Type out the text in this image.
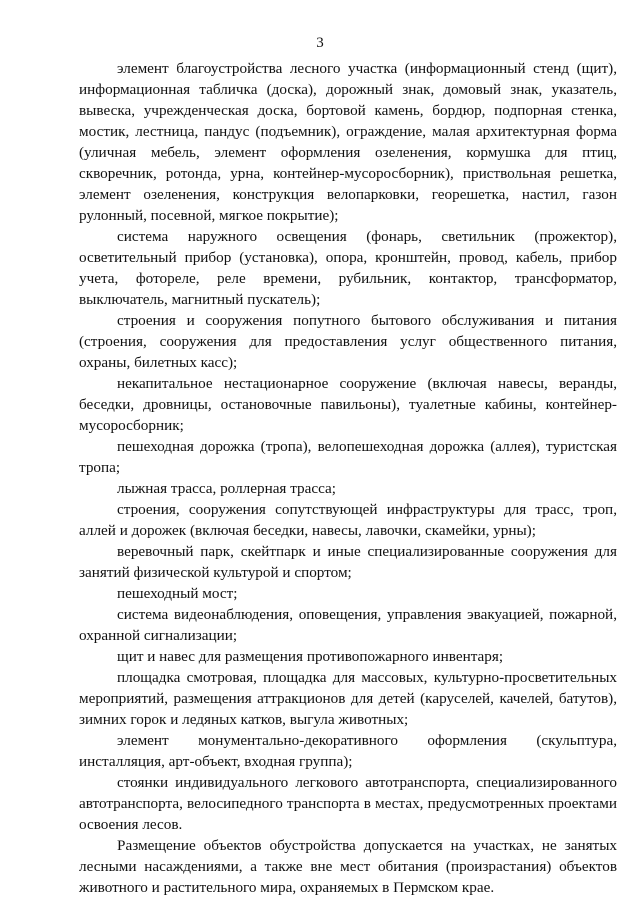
3

элемент благоустройства лесного участка (информационный стенд (щит), информационная табличка (доска), дорожный знак, домовый знак, указатель, вывеска, учрежденческая доска, бортовой камень, бордюр, подпорная стенка, мостик, лестница, пандус (подъемник), ограждение, малая архитектурная форма (уличная мебель, элемент оформления озеленения, кормушка для птиц, скворечник, ротонда, урна, контейнер-мусоросборник), приствольная решетка, элемент озеленения, конструкция велопарковки, георешетка, настил, газон рулонный, посевной, мягкое покрытие);

система наружного освещения (фонарь, светильник (прожектор), осветительный прибор (установка), опора, кронштейн, провод, кабель, прибор учета, фотореле, реле времени, рубильник, контактор, трансформатор, выключатель, магнитный пускатель);

строения и сооружения попутного бытового обслуживания и питания (строения, сооружения для предоставления услуг общественного питания, охраны, билетных касс);

некапитальное нестационарное сооружение (включая навесы, веранды, беседки, дровницы, остановочные павильоны), туалетные кабины, контейнер-мусоросборник;

пешеходная дорожка (тропа), велопешеходная дорожка (аллея), туристская тропа;

лыжная трасса, роллерная трасса;

строения, сооружения сопутствующей инфраструктуры для трасс, троп, аллей и дорожек (включая беседки, навесы, лавочки, скамейки, урны);

веревочный парк, скейтпарк и иные специализированные сооружения для занятий физической культурой и спортом;

пешеходный мост;

система видеонаблюдения, оповещения, управления эвакуацией, пожарной, охранной сигнализации;

щит и навес для размещения противопожарного инвентаря;

площадка смотровая, площадка для массовых, культурно-просветительных мероприятий, размещения аттракционов для детей (каруселей, качелей, батутов), зимних горок и ледяных катков, выгула животных;

элемент монументально-декоративного оформления (скульптура, инсталляция, арт-объект, входная группа);

стоянки индивидуального легкового автотранспорта, специализированного автотранспорта, велосипедного транспорта в местах, предусмотренных проектами освоения лесов.

Размещение объектов обустройства допускается на участках, не занятых лесными насаждениями, а также вне мест обитания (произрастания) объектов животного и растительного мира, охраняемых в Пермском крае.
